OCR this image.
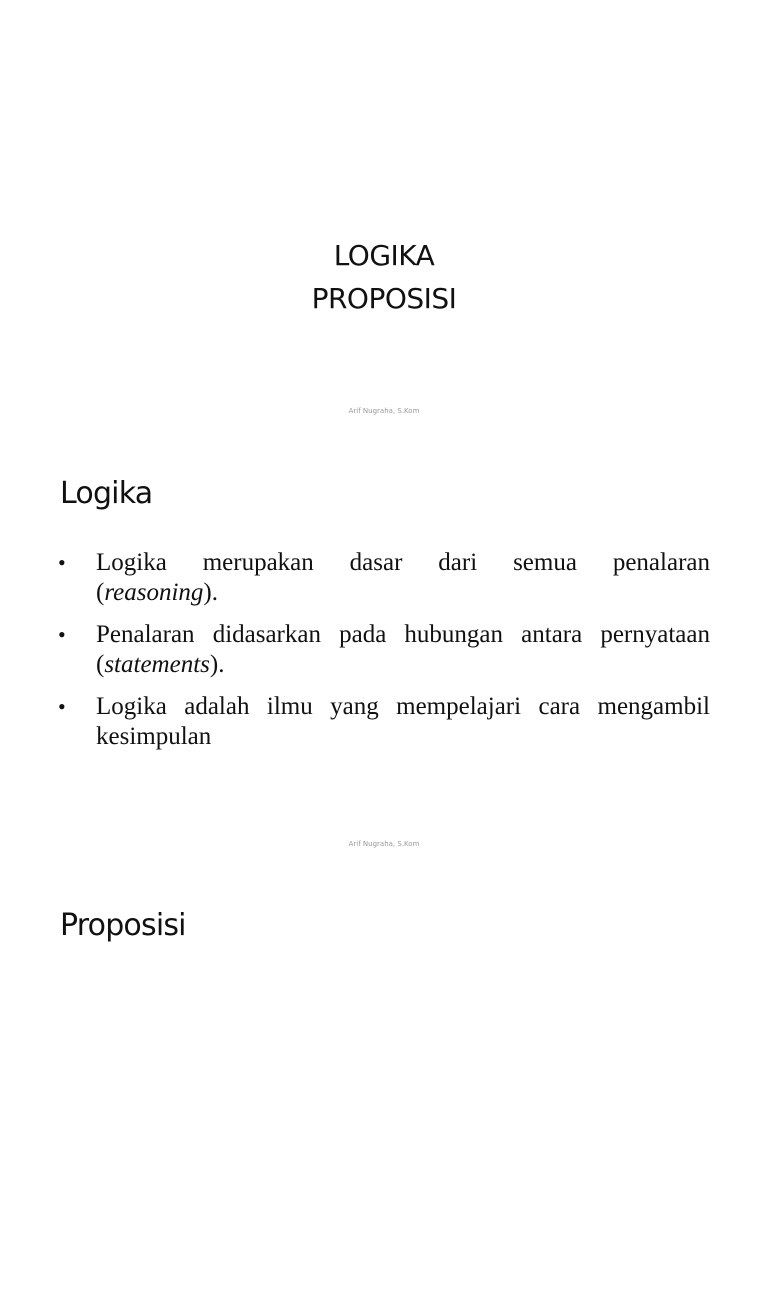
LOGIKA
PROPOSISI
Arif Nugraha, S.Kom
Logika
• Logika merupakan dasar dari semua penalaran
(reasoning).
• Penalaran didasarkan pada hubungan antara pernyataan
(statements).
• Logika adalah ilmu yang mempelajari cara mengambil
kesimpulan
Arif Nugraha, S.Kom
Proposisi
